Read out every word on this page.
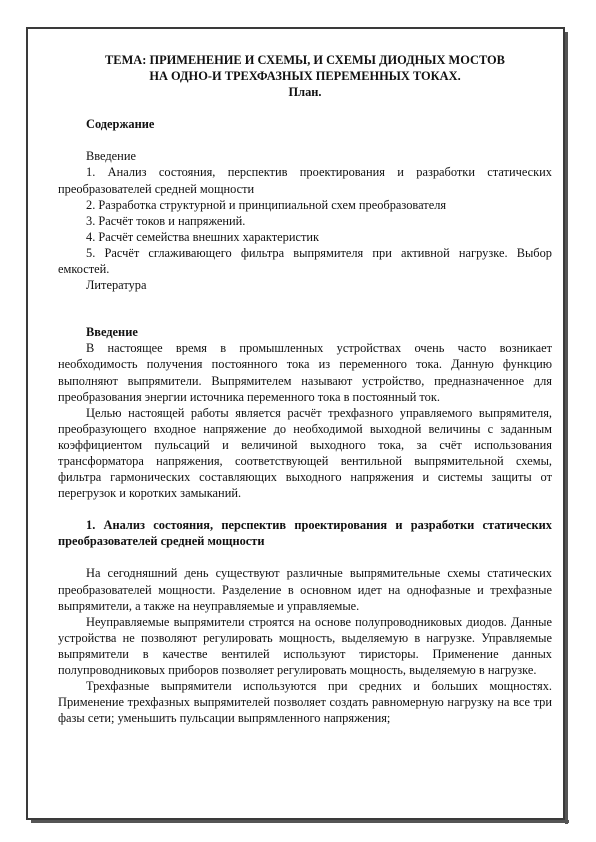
ТЕМА: ПРИМЕНЕНИЕ И СХЕМЫ, И СХЕМЫ ДИОДНЫХ МОСТОВ

НА ОДНО-И ТРЕХФАЗНЫХ ПЕРЕМЕННЫХ ТОКАХ.

План.

Содержание

Введение

1. Анализ состояния, перспектив проектирования и разработки статических преобразователей средней мощности

2. Разработка структурной и принципиальной схем преобразователя

3. Расчёт токов и напряжений.

4. Расчёт семейства внешних характеристик

5. Расчёт сглаживающего фильтра выпрямителя при активной нагрузке. Выбор емкостей.

Литература

Введение

В настоящее время в промышленных устройствах очень часто возникает необходимость получения постоянного тока из переменного тока. Данную функцию выполняют выпрямители. Выпрямителем называют устройство, предназначенное для преобразования энергии источника переменного тока в постоянный ток.

Целью настоящей работы является расчёт трехфазного управляемого выпрямителя, преобразующего входное напряжение до необходимой выходной величины с заданным коэффициентом пульсаций и величиной выходного тока, за счёт использования трансформатора напряжения, соответствующей вентильной выпрямительной схемы, фильтра гармонических составляющих выходного напряжения и системы защиты от перегрузок и коротких замыканий.

1. Анализ состояния, перспектив проектирования и разработки статических преобразователей средней мощности

На сегодняшний день существуют различные выпрямительные схемы статических преобразователей мощности. Разделение в основном идет на однофазные и трехфазные выпрямители, а также на неуправляемые и управляемые.

Неуправляемые выпрямители строятся на основе полупроводниковых диодов. Данные устройства не позволяют регулировать мощность, выделяемую в нагрузке. Управляемые выпрямители в качестве вентилей используют тиристоры. Применение данных полупроводниковых приборов позволяет регулировать мощность, выделяемую в нагрузке.

Трехфазные выпрямители используются при средних и больших мощностях. Применение трехфазных выпрямителей позволяет создать равномерную нагрузку на все три фазы сети; уменьшить пульсации выпрямленного напряжения;
